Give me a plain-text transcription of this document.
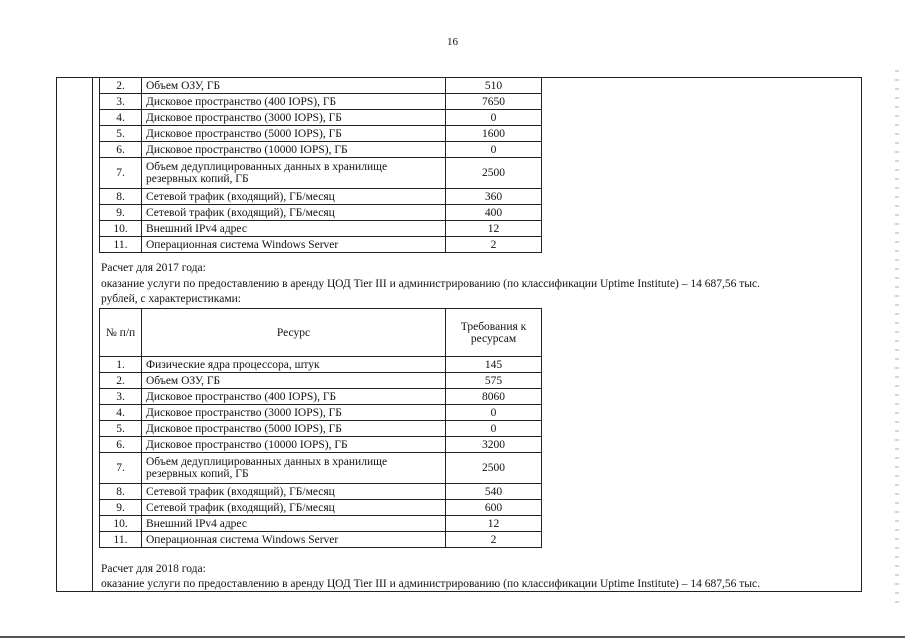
16
2.	Объем ОЗУ, ГБ	510
3.	Дисковое пространство (400 IOPS), ГБ	7650
4.	Дисковое пространство (3000 IOPS), ГБ	0
5.	Дисковое пространство (5000 IOPS), ГБ	1600
6.	Дисковое пространство (10000 IOPS), ГБ	0
7.	Объем дедуплицированных данных в хранилище резервных копий, ГБ	2500
8.	Сетевой трафик (входящий), ГБ/месяц	360
9.	Сетевой трафик (входящий), ГБ/месяц	400
10.	Внешний IPv4 адрес	12
11.	Операционная система Windows Server	2
Расчет для 2017 года:
оказание услуги по предоставлению в аренду ЦОД Tier III и администрированию (по классификации Uptime Institute) – 14 687,56 тыс.
рублей, с характеристиками:
№ п/п	Ресурс	Требования к ресурсам
1.	Физические ядра процессора, штук	145
2.	Объем ОЗУ, ГБ	575
3.	Дисковое пространство (400 IOPS), ГБ	8060
4.	Дисковое пространство (3000 IOPS), ГБ	0
5.	Дисковое пространство (5000 IOPS), ГБ	0
6.	Дисковое пространство (10000 IOPS), ГБ	3200
7.	Объем дедуплицированных данных в хранилище резервных копий, ГБ	2500
8.	Сетевой трафик (входящий), ГБ/месяц	540
9.	Сетевой трафик (входящий), ГБ/месяц	600
10.	Внешний IPv4 адрес	12
11.	Операционная система Windows Server	2
Расчет для 2018 года:
оказание услуги по предоставлению в аренду ЦОД Tier III и администрированию (по классификации Uptime Institute) – 14 687,56 тыс.
